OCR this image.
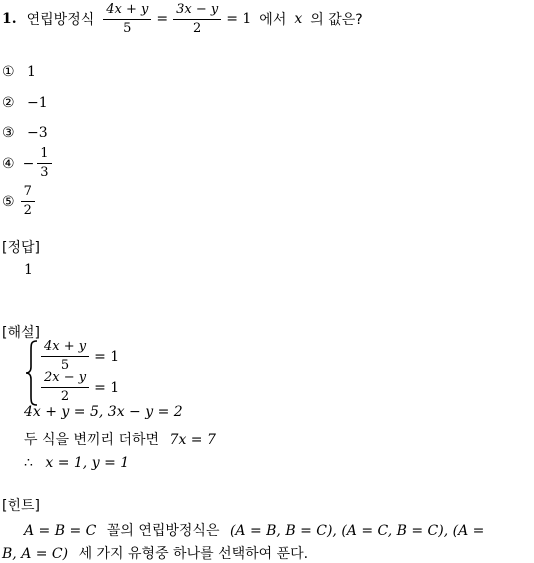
1. 연립방정식 $\frac{4x + y}{5} = \frac{3x - y}{2} = 1$ 에서 x 의 값은?
① 1
② −1
③ −3
④ − $\frac{1}{3}$
⑤ $\frac{7}{2}$
[정답]
1
[해설]
$\frac{4x + y}{5} = 1$
$\frac{2x - y}{2} = 1$
4x + y = 5, 3x − y = 2
두 식을 변끼리 더하면 7x = 7
∴ x = 1, y = 1
[힌트]
A = B = C 꼴의 연립방정식은 (A = B, B = C), (A = C, B = C), (A =
B, A = C) 세 가지 유형중 하나를 선택하여 푼다.
